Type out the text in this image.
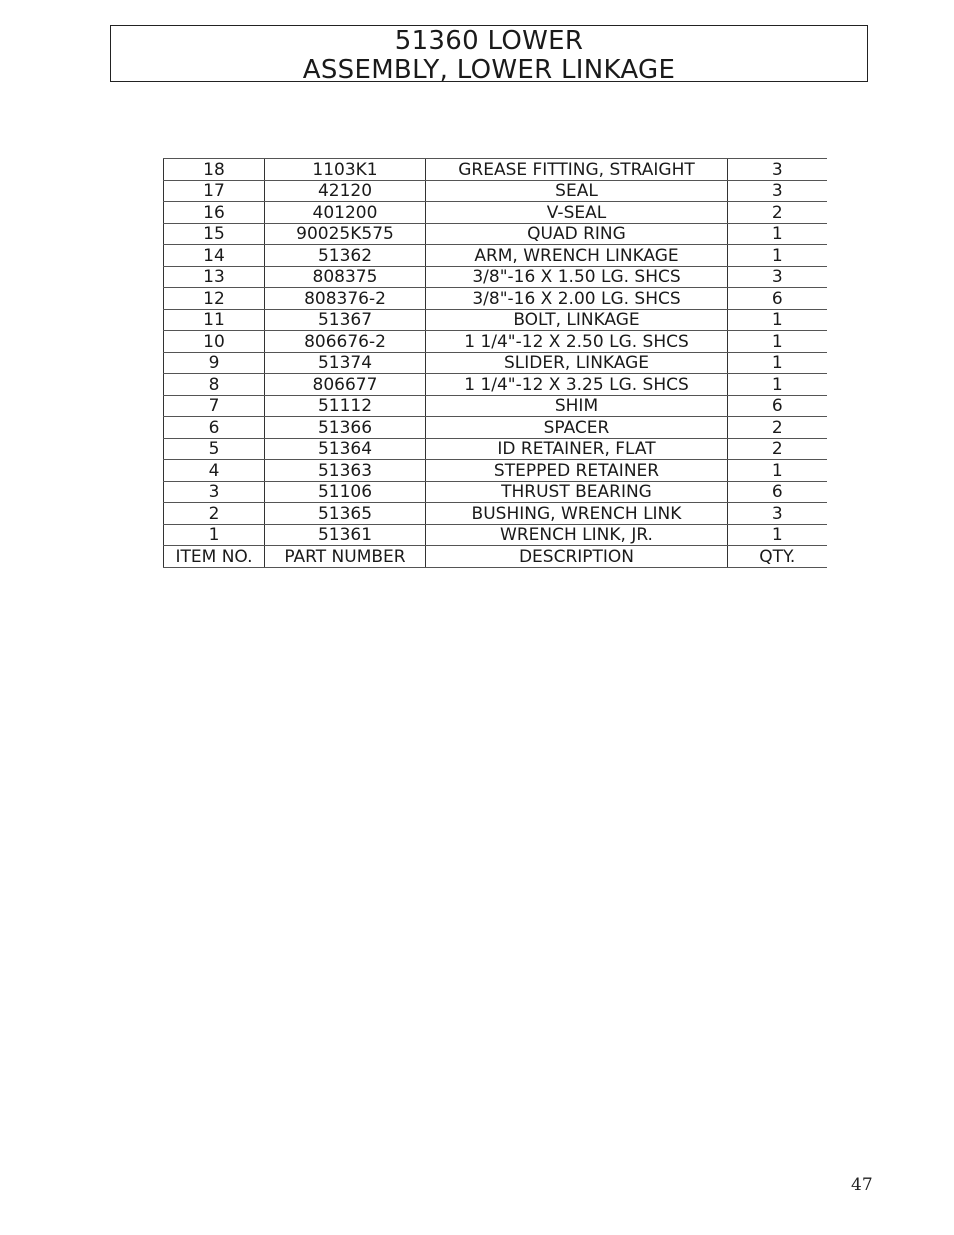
51360 LOWER
ASSEMBLY, LOWER LINKAGE
18	1103K1	GREASE FITTING, STRAIGHT	3
17	42120	SEAL	3
16	401200	V-SEAL	2
15	90025K575	QUAD RING	1
14	51362	ARM, WRENCH LINKAGE	1
13	808375	3/8"-16 X 1.50 LG. SHCS	3
12	808376-2	3/8"-16 X 2.00 LG. SHCS	6
11	51367	BOLT, LINKAGE	1
10	806676-2	1 1/4"-12 X 2.50 LG. SHCS	1
9	51374	SLIDER, LINKAGE	1
8	806677	1 1/4"-12 X 3.25 LG. SHCS	1
7	51112	SHIM	6
6	51366	SPACER	2
5	51364	ID RETAINER, FLAT	2
4	51363	STEPPED RETAINER	1
3	51106	THRUST BEARING	6
2	51365	BUSHING, WRENCH LINK	3
1	51361	WRENCH LINK, JR.	1
ITEM NO.	PART NUMBER	DESCRIPTION	QTY.
47
